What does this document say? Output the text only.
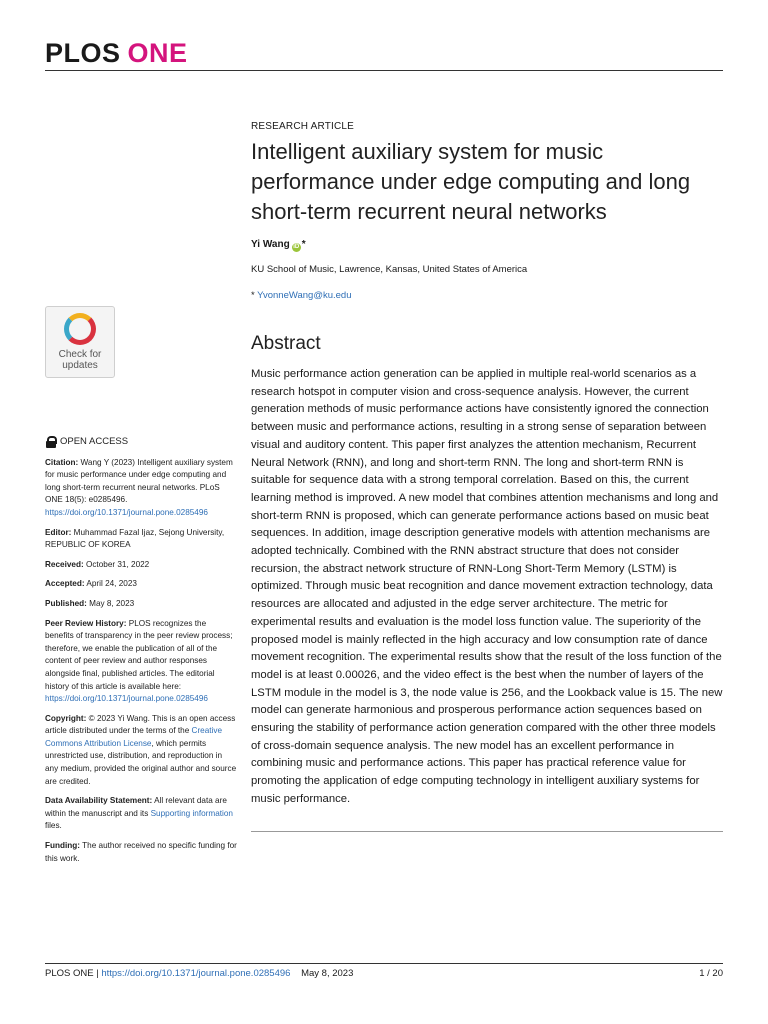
PLOS ONE
RESEARCH ARTICLE
Intelligent auxiliary system for music performance under edge computing and long short-term recurrent neural networks
Yi Wang iD *
KU School of Music, Lawrence, Kansas, United States of America
* YvonneWang@ku.edu
Check for
updates
Abstract

Music performance action generation can be applied in multiple real-world scenarios as a research hotspot in computer vision and cross-sequence analysis. However, the current generation methods of music performance actions have consistently ignored the connection between music and performance actions, resulting in a strong sense of separation between visual and auditory content. This paper first analyzes the attention mechanism, Recurrent Neural Network (RNN), and long and short-term RNN. The long and short-term RNN is suitable for sequence data with a strong temporal correlation. Based on this, the current learning method is improved. A new model that combines attention mechanisms and long and short-term RNN is proposed, which can generate performance actions based on music beat sequences. In addition, image description generative models with attention mechanisms are adopted technically. Combined with the RNN abstract structure that does not consider recursion, the abstract network structure of RNN-Long Short-Term Memory (LSTM) is optimized. Through music beat recognition and dance movement extraction technology, data resources are allocated and adjusted in the edge server architecture. The metric for experimental results and evaluation is the model loss function value. The superiority of the proposed model is mainly reflected in the high accuracy and low consumption rate of dance movement recognition. The experimental results show that the result of the loss function of the model is at least 0.00026, and the video effect is the best when the number of layers of the LSTM module in the model is 3, the node value is 256, and the Lookback value is 15. The new model can generate harmonious and prosperous performance action sequences based on ensuring the stability of performance action generation compared with the other three models of cross-domain sequence analysis. The new model has an excellent performance in combining music and performance actions. This paper has practical reference value for promoting the application of edge computing technology in intelligent auxiliary systems for music performance.

OPEN ACCESS

Citation: Wang Y (2023) Intelligent auxiliary system for music performance under edge computing and long short-term recurrent neural networks. PLoS ONE 18(5): e0285496. https://doi.org/10.1371/journal.pone.0285496

Editor: Muhammad Fazal Ijaz, Sejong University, REPUBLIC OF KOREA

Received: October 31, 2022

Accepted: April 24, 2023

Published: May 8, 2023

Peer Review History: PLOS recognizes the benefits of transparency in the peer review process; therefore, we enable the publication of all of the content of peer review and author responses alongside final, published articles. The editorial history of this article is available here: https://doi.org/10.1371/journal.pone.0285496

Copyright: © 2023 Yi Wang. This is an open access article distributed under the terms of the Creative Commons Attribution License, which permits unrestricted use, distribution, and reproduction in any medium, provided the original author and source are credited.

Data Availability Statement: All relevant data are within the manuscript and its Supporting information files.

Funding: The author received no specific funding for this work.

PLOS ONE | https://doi.org/10.1371/journal.pone.0285496 May 8, 2023	1 / 20
